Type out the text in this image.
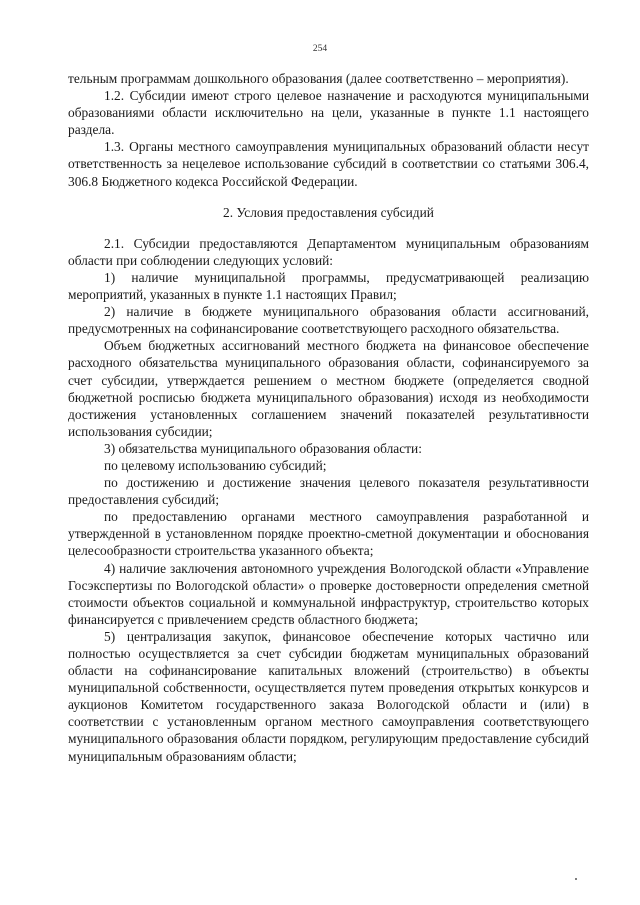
254

тельным программам дошкольного образования (далее соответственно – мероприятия).

1.2. Субсидии имеют строго целевое назначение и расходуются муниципальными образованиями области исключительно на цели, указанные в пункте 1.1 настоящего раздела.

1.3. Органы местного самоуправления муниципальных образований области несут ответственность за нецелевое использование субсидий в соответствии со статьями 306.4, 306.8 Бюджетного кодекса Российской Федерации.

2. Условия предоставления субсидий

2.1. Субсидии предоставляются Департаментом муниципальным образованиям области при соблюдении следующих условий:

1) наличие муниципальной программы, предусматривающей реализацию мероприятий, указанных в пункте 1.1 настоящих Правил;

2) наличие в бюджете муниципального образования области ассигнований, предусмотренных на софинансирование соответствующего расходного обязательства.

Объем бюджетных ассигнований местного бюджета на финансовое обеспечение расходного обязательства муниципального образования области, софинансируемого за счет субсидии, утверждается решением о местном бюджете (определяется сводной бюджетной росписью бюджета муниципального образования) исходя из необходимости достижения установленных соглашением значений показателей результативности использования субсидии;

3) обязательства муниципального образования области:

по целевому использованию субсидий;

по достижению и достижение значения целевого показателя результативности предоставления субсидий;

по предоставлению органами местного самоуправления разработанной и утвержденной в установленном порядке проектно-сметной документации и обоснования целесообразности строительства указанного объекта;

4) наличие заключения автономного учреждения Вологодской области «Управление Госэкспертизы по Вологодской области» о проверке достоверности определения сметной стоимости объектов социальной и коммунальной инфраструктур, строительство которых финансируется с привлечением средств областного бюджета;

5) централизация закупок, финансовое обеспечение которых частично или полностью осуществляется за счет субсидии бюджетам муниципальных образований области на софинансирование капитальных вложений (строительство) в объекты муниципальной собственности, осуществляется путем проведения открытых конкурсов и аукционов Комитетом государственного заказа Вологодской области и (или) в соответствии с установленным органом местного самоуправления соответствующего муниципального образования области порядком, регулирующим предоставление субсидий муниципальным образованиям области;
